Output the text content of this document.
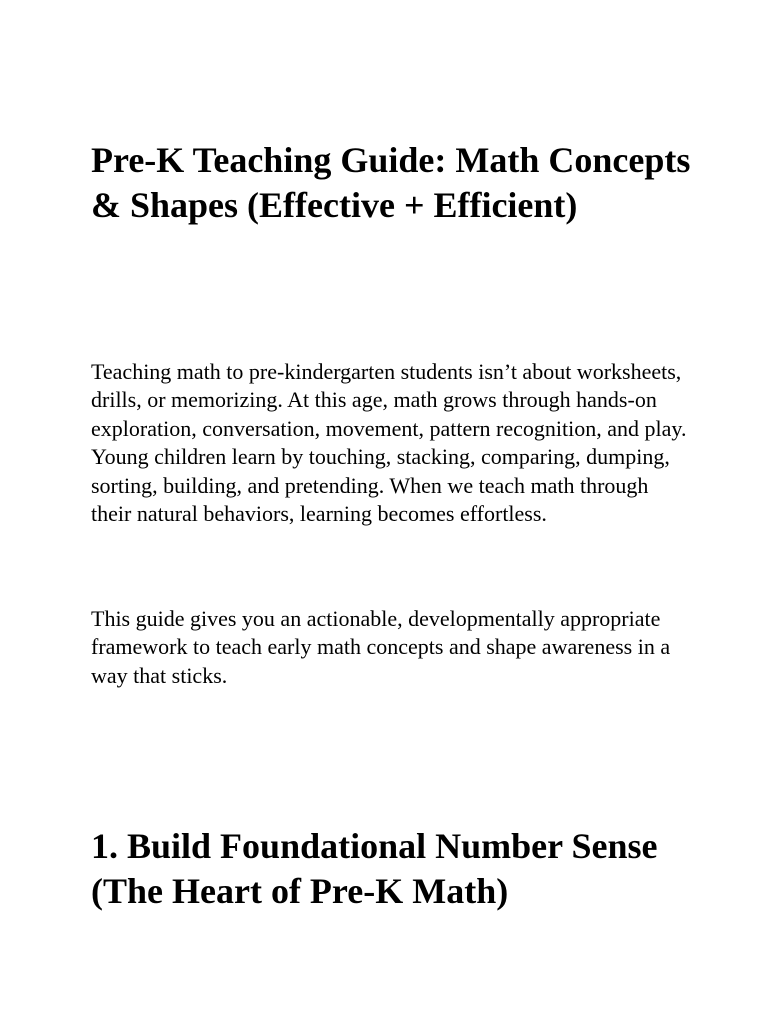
Pre-K Teaching Guide: Math Concepts & Shapes (Effective + Efficient)

Teaching math to pre-kindergarten students isn’t about worksheets, drills, or memorizing. At this age, math grows through hands-on exploration, conversation, movement, pattern recognition, and play. Young children learn by touching, stacking, comparing, dumping, sorting, building, and pretending. When we teach math through their natural behaviors, learning becomes effortless.

This guide gives you an actionable, developmentally appropriate framework to teach early math concepts and shape awareness in a way that sticks.

1. Build Foundational Number Sense (The Heart of Pre-K Math)
